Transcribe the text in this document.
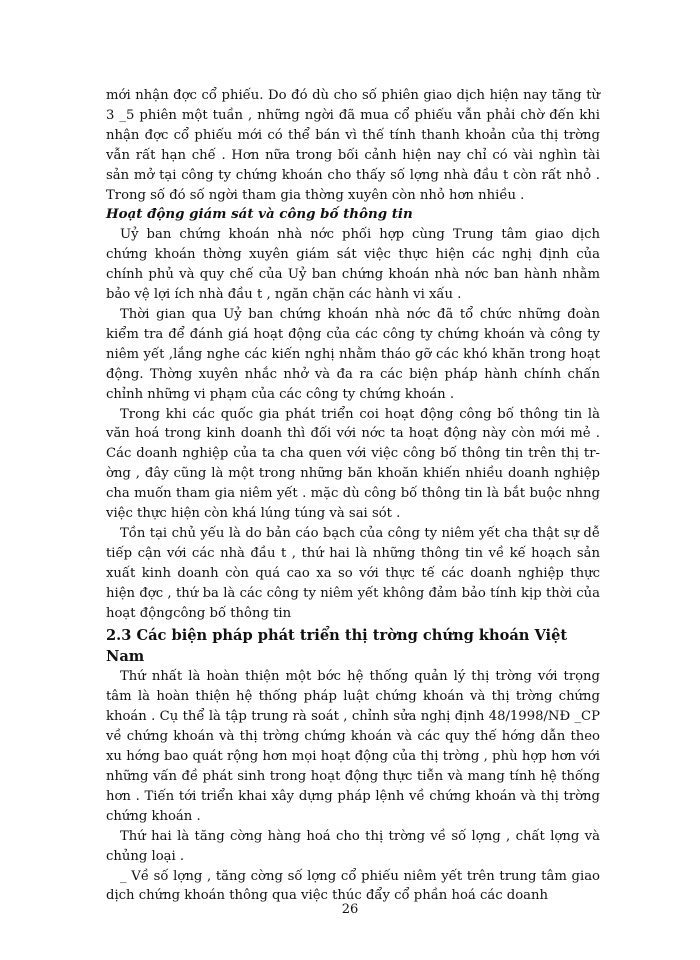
mới nhận đợc cổ phiếu. Do đó dù cho số phiên giao dịch hiện nay tăng từ 3 _5 phiên một tuần , những ngời đã mua cổ phiếu vẫn phải chờ đến khi nhận đợc cổ phiếu mới có thể bán vì thế tính thanh khoản của thị trờng vẫn rất hạn chế . Hơn nữa trong bối cảnh hiện nay chỉ có vài nghìn tài sản mở tại công ty chứng khoán cho thấy số lợng nhà đầu t còn rất nhỏ . Trong số đó số ngời tham gia thờng xuyên còn nhỏ hơn nhiều .

Hoạt động giám sát và công bố thông tin

Uỷ ban chứng khoán nhà nớc phối hợp cùng Trung tâm giao dịch chứng khoán thờng xuyên giám sát việc thực hiện các nghị định của chính phủ và quy chế của Uỷ ban chứng khoán nhà nớc ban hành nhằm bảo vệ lợi ích nhà đầu t , ngăn chặn các hành vi xấu .

Thời gian qua Uỷ ban chứng khoán nhà nớc đã tổ chức những đoàn kiểm tra để đánh giá hoạt động của các công ty chứng khoán và công ty niêm yết ,lắng nghe các kiến nghị nhằm tháo gỡ các khó khăn trong hoạt động. Thờng xuyên nhắc nhở và đa ra các biện pháp hành chính chấn chỉnh những vi phạm của các công ty chứng khoán .

Trong khi các quốc gia phát triển coi hoạt động công bố thông tin là văn hoá trong kinh doanh thì đối với nớc ta hoạt động này còn mới mẻ . Các doanh nghiệp của ta cha quen với việc công bố thông tin trên thị trờng , đây cũng là một trong những băn khoăn khiến nhiều doanh nghiệp cha muốn tham gia niêm yết . mặc dù công bố thông tin là bắt buộc nhng việc thực hiện còn khá lúng túng và sai sót .

Tồn tại chủ yếu là do bản cáo bạch của công ty niêm yết cha thật sự dễ tiếp cận với các nhà đầu t , thứ hai là những thông tin về kế hoạch sản xuất kinh doanh còn quá cao xa so với thực tế các doanh nghiệp thực hiện đợc , thứ ba là các công ty niêm yết không đảm bảo tính kịp thời của hoạt độngcông bố thông tin

2.3 Các biện pháp phát triển thị trờng chứng khoán Việt Nam

Thứ nhất là hoàn thiện một bớc hệ thống quản lý thị trờng với trọng tâm là hoàn thiện hệ thống pháp luật chứng khoán và thị trờng chứng khoán . Cụ thể là tập trung rà soát , chỉnh sửa nghị định 48/1998/NĐ _CP về chứng khoán và thị trờng chứng khoán và các quy thế hớng dẫn theo xu hớng bao quát rộng hơn mọi hoạt động của thị trờng , phù hợp hơn với những vấn đề phát sinh trong hoạt động thực tiễn và mang tính hệ thống hơn . Tiến tới triển khai xây dựng pháp lệnh về chứng khoán và thị trờng chứng khoán .

Thứ hai là tăng cờng hàng hoá cho thị trờng về số lợng , chất lợng và chủng loại .

_ Về số lợng , tăng cờng số lợng cổ phiếu niêm yết trên trung tâm giao dịch chứng khoán thông qua việc thúc đẩy cổ phần hoá các doanh

26
